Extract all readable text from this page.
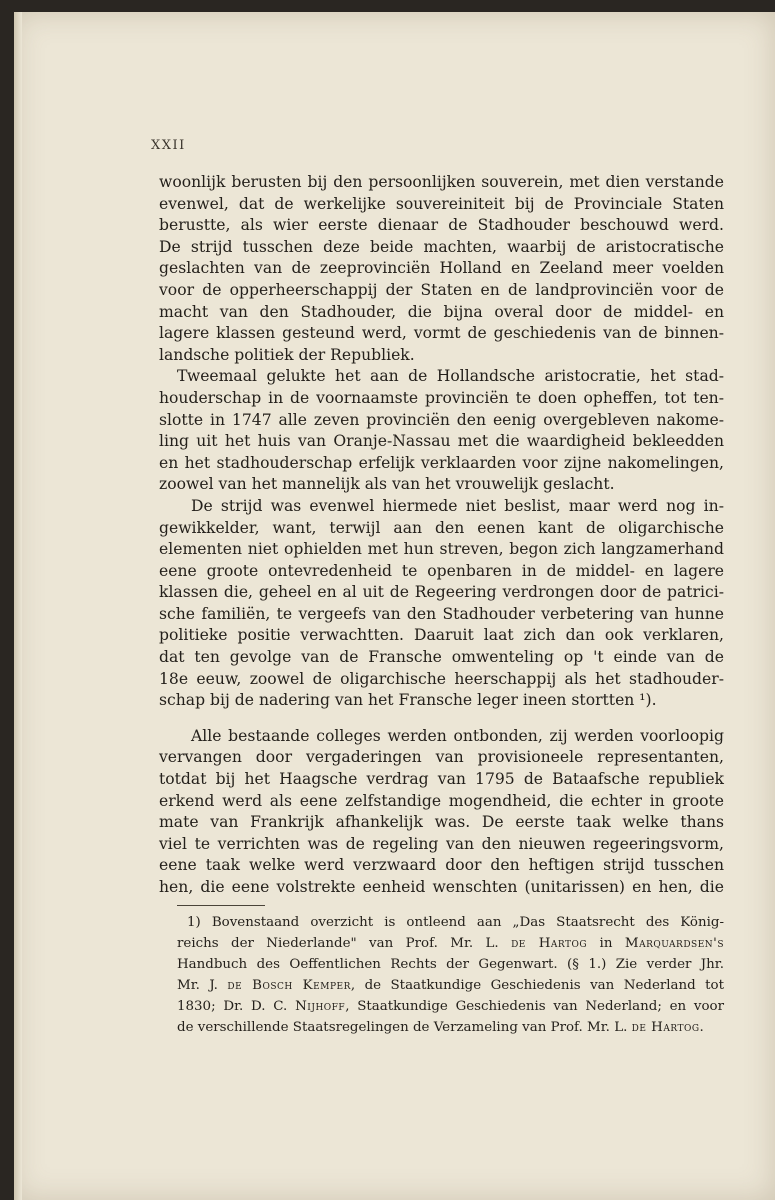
XXII

woonlijk berusten bij den persoonlijken souverein, met dien verstande
evenwel, dat de werkelijke souvereiniteit bij de Provinciale Staten
berustte, als wier eerste dienaar de Stadhouder beschouwd werd.
De strijd tusschen deze beide machten, waarbij de aristocratische
geslachten van de zeeprovinciën Holland en Zeeland meer voelden
voor de opperheerschappij der Staten en de landprovinciën voor de
macht van den Stadhouder, die bijna overal door de middel- en
lagere klassen gesteund werd, vormt de geschiedenis van de binnen-
landsche politiek der Republiek.

Tweemaal gelukte het aan de Hollandsche aristocratie, het stad-
houderschap in de voornaamste provinciën te doen opheffen, tot ten-
slotte in 1747 alle zeven provinciën den eenig overgebleven nakome-
ling uit het huis van Oranje-Nassau met die waardigheid bekleedden
en het stadhouderschap erfelijk verklaarden voor zijne nakomelingen,
zoowel van het mannelijk als van het vrouwelijk geslacht.

De strijd was evenwel hiermede niet beslist, maar werd nog in-
gewikkelder, want, terwijl aan den eenen kant de oligarchische
elementen niet ophielden met hun streven, begon zich langzamerhand
eene groote ontevredenheid te openbaren in de middel- en lagere
klassen die, geheel en al uit de Regeering verdrongen door de patrici-
sche familiën, te vergeefs van den Stadhouder verbetering van hunne
politieke positie verwachtten. Daaruit laat zich dan ook verklaren,
dat ten gevolge van de Fransche omwenteling op 't einde van de
18e eeuw, zoowel de oligarchische heerschappij als het stadhouder-
schap bij de nadering van het Fransche leger ineen stortten ¹).

Alle bestaande colleges werden ontbonden, zij werden voorloopig
vervangen door vergaderingen van provisioneele representanten,
totdat bij het Haagsche verdrag van 1795 de Bataafsche republiek
erkend werd als eene zelfstandige mogendheid, die echter in groote
mate van Frankrijk afhankelijk was. De eerste taak welke thans
viel te verrichten was de regeling van den nieuwen regeeringsvorm,
eene taak welke werd verzwaard door den heftigen strijd tusschen
hen, die eene volstrekte eenheid wenschten (unitarissen) en hen, die

1) Bovenstaand overzicht is ontleend aan „Das Staatsrecht des König-
reichs der Niederlande" van Prof. Mr. L. de Hartog in Marquardsen's
Handbuch des Oeffentlichen Rechts der Gegenwart. (§ 1.) Zie verder Jhr.
Mr. J. de Bosch Kemper, de Staatkundige Geschiedenis van Nederland tot
1830; Dr. D. C. Nijhoff, Staatkundige Geschiedenis van Nederland; en voor
de verschillende Staatsregelingen de Verzameling van Prof. Mr. L. de Hartog.
